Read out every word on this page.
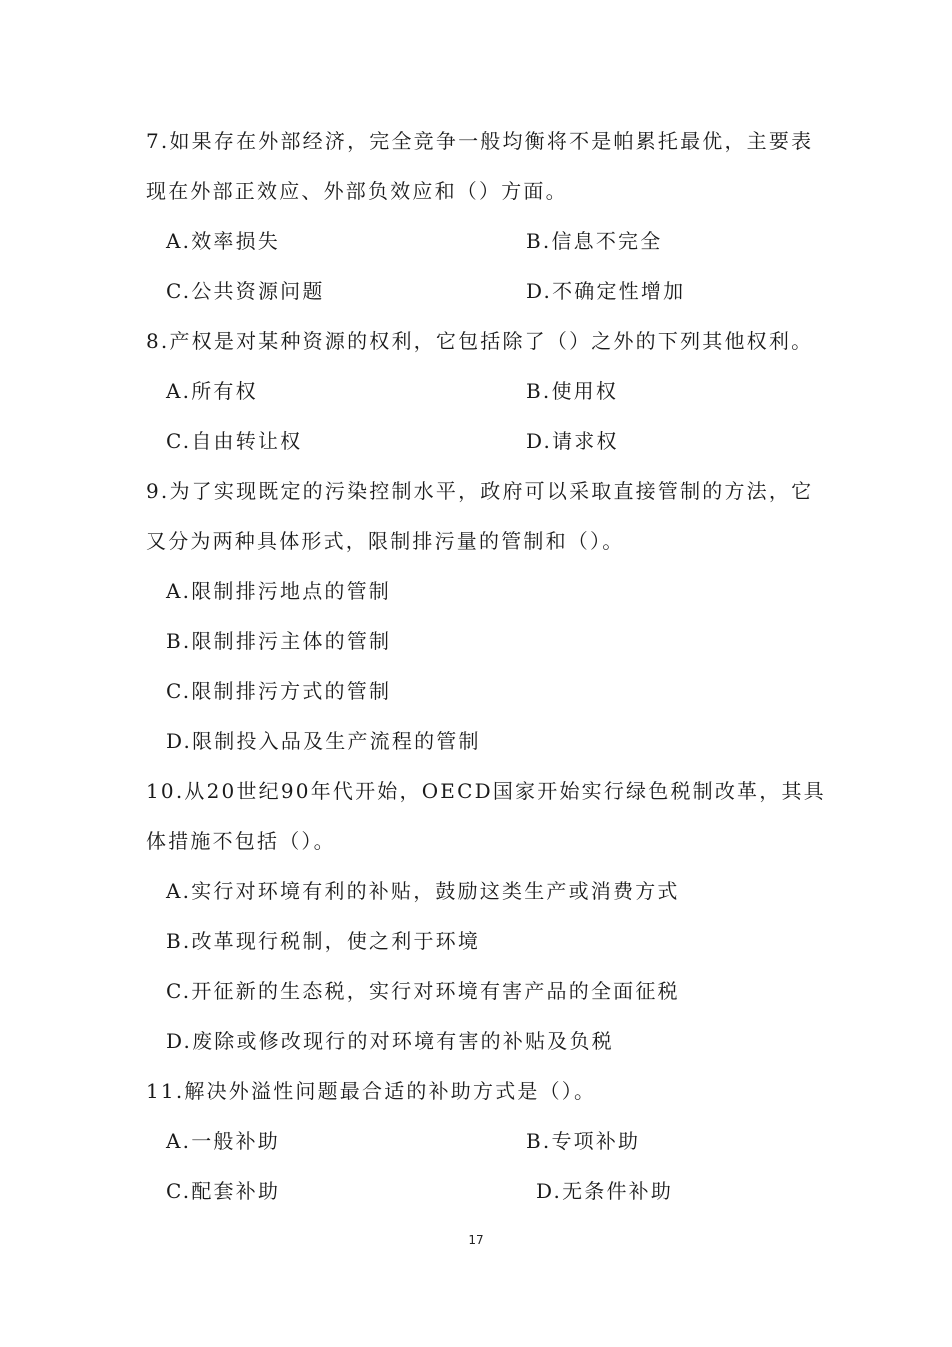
7.如果存在外部经济，完全竞争一般均衡将不是帕累托最优，主要表
现在外部正效应、外部负效应和（）方面。
A.效率损失	B.信息不完全
C.公共资源问题	D.不确定性增加
8.产权是对某种资源的权利，它包括除了（）之外的下列其他权利。
A.所有权	B.使用权
C.自由转让权	D.请求权
9.为了实现既定的污染控制水平，政府可以采取直接管制的方法，它
又分为两种具体形式，限制排污量的管制和（）。
A.限制排污地点的管制
B.限制排污主体的管制
C.限制排污方式的管制
D.限制投入品及生产流程的管制
10.从20世纪90年代开始，OECD国家开始实行绿色税制改革，其具
体措施不包括（）。
A.实行对环境有利的补贴，鼓励这类生产或消费方式
B.改革现行税制，使之利于环境
C.开征新的生态税，实行对环境有害产品的全面征税
D.废除或修改现行的对环境有害的补贴及负税
11.解决外溢性问题最合适的补助方式是（）。
A.一般补助	B.专项补助
C.配套补助	D.无条件补助
17
